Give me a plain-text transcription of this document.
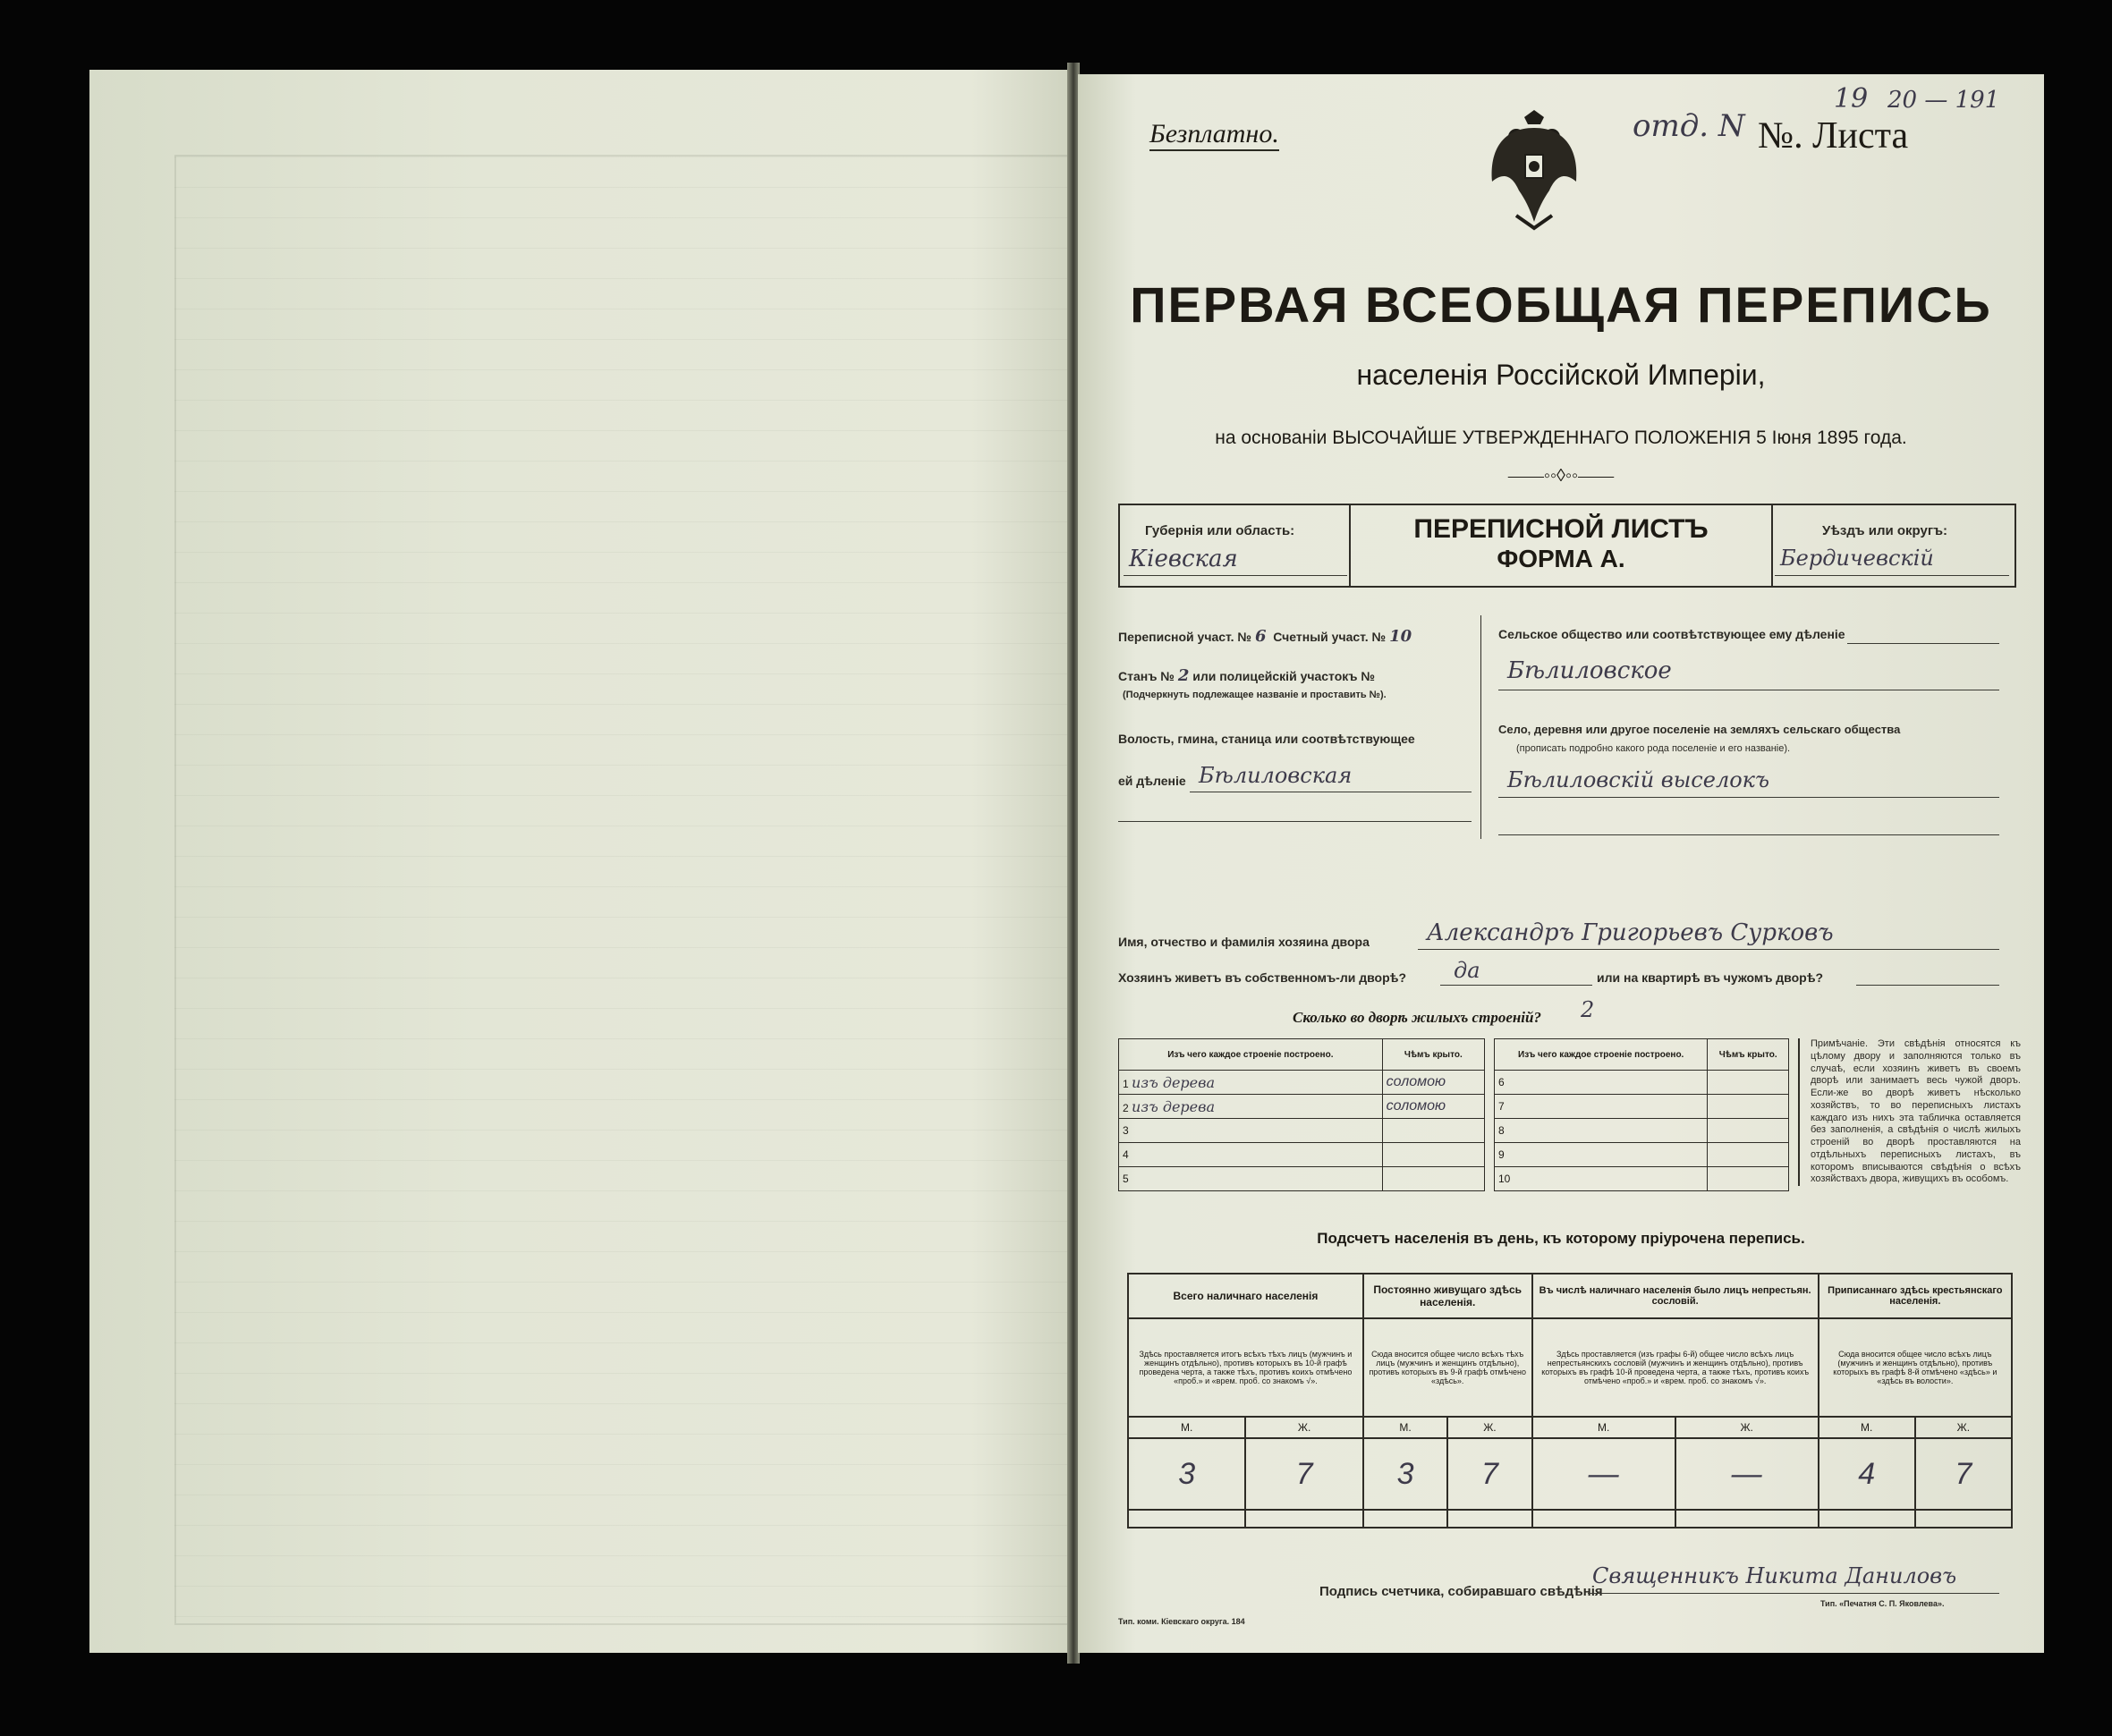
Безплатно.	отд. N №. Листа
19 20 — 191
ПЕРВАЯ ВСЕОБЩАЯ ПЕРЕПИСЬ
населенія Россійской Имперіи,
на основаніи ВЫСОЧАЙШЕ УТВЕРЖДЕННАГО ПОЛОЖЕНІЯ 5 Іюня 1895 года.
——◦◦◊◦◦——
Губернія или область:
Кіевская
ПЕРЕПИСНОЙ ЛИСТЪ
ФОРМА А.
Уѣздъ или округъ:
Бердичевскій
Переписной участ. № 6 Счетный участ. № 10
Станъ № 2 или полицейскій участокъ №
(Подчеркнуть подлежащее названіе и проставить №).
Волость, гмина, станица или соотвѣтствующее
ей дѣленіе Бѣлиловская
Сельское общество или соотвѣтствующее ему дѣленіе
Бѣлиловское
Село, деревня или другое поселеніе на земляхъ сельскаго общества
(прописать подробно какого рода поселеніе и его названіе).
Бѣлиловскій выселокъ
Имя, отчество и фамилія хозяина двора Александръ Григорьевъ Сурковъ
Хозяинъ живетъ въ собственномъ-ли дворѣ? да	или на квартирѣ въ чужомъ дворѣ?
Сколько во дворѣ жилыхъ строеній? 2
Изъ чего каждое строеніе построено.	Чѣмъ крыто.
1 изъ дерева	соломою
2 изъ дерева	соломою
3	
4	
5	
Изъ чего каждое строеніе построено.	Чѣмъ крыто.
6	
7	
8	
9	
10	
Примѣчаніе. Эти свѣдѣнія относятся къ цѣлому двору и заполняются только въ случаѣ, если хозяинъ живетъ въ своемъ дворѣ или занимаетъ весь чужой дворъ. Если-же во дворѣ живетъ нѣсколько хозяйствъ, то во переписныхъ листахъ каждаго изъ нихъ эта табличка оставляется без заполненія, а свѣдѣнія о числѣ жилыхъ строеній во дворѣ проставляются на отдѣльныхъ переписныхъ листахъ, въ которомъ вписываются свѣдѣнія о всѣхъ хозяйствахъ двора, живущихъ въ особомъ.
Подсчетъ населенія въ день, къ которому пріурочена перепись.
Всего наличнаго населенія		Постоянно живущаго здѣсь населенія.		Въ числѣ наличнаго населенія было лицъ непрестьян. сословій.		Приписаннаго здѣсь крестьянскаго населенія.	
Здѣсь проставляется итогъ всѣхъ тѣхъ лицъ (мужчинъ и женщинъ отдѣльно), противъ которыхъ въ 10-й графѣ проведена черта, а также тѣхъ, противъ коихъ отмѣчено «проб.» и «врем. проб. со знакомъ √».		Сюда вносится общее число всѣхъ тѣхъ лицъ (мужчинъ и женщинъ отдѣльно), противъ которыхъ въ 9-й графѣ отмѣчено «здѣсь».		Здѣсь проставляется (изъ графы 6-й) общее число всѣхъ лицъ непрестьянскихъ сословій (мужчинъ и женщинъ отдѣльно), противъ которыхъ въ графѣ 10-й проведена черта, а также тѣхъ, противъ коихъ отмѣчено «проб.» и «врем. проб. со знакомъ √».		Сюда вносится общее число всѣхъ лицъ (мужчинъ и женщинъ отдѣльно), противъ которыхъ въ графѣ 8-й отмѣчено «здѣсь» и «здѣсь въ волости».	
М.	Ж.	М.	Ж.	М.	Ж.	М.	Ж.
3	7	3	7	—	—	4	7

Подпись счетчика, собиравшаго свѣдѣнія
Священникъ Никита Даниловъ
Тип. коми. Кіевскаго округа. 184
Тип. «Печатня С. П. Яковлева».
